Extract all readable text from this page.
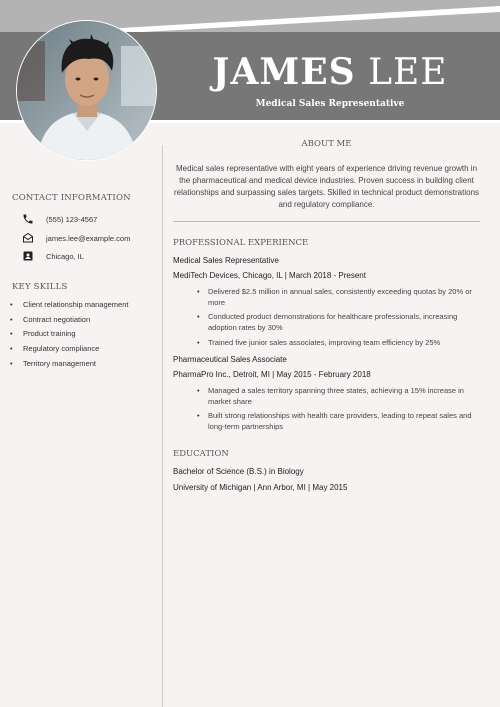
JAMES LEE
Medical Sales Representative
CONTACT INFORMATION
(555) 123-4567
james.lee@example.com
Chicago, IL
KEY SKILLS
• Client relationship management
• Contract negotiation
• Product training
• Regulatory compliance
• Territory management
ABOUT ME
Medical sales representative with eight years of experience driving revenue growth in the pharmaceutical and medical device industries. Proven success in building client relationships and surpassing sales targets. Skilled in technical product demonstrations and regulatory compliance.
PROFESSIONAL EXPERIENCE
Medical Sales Representative
MediTech Devices, Chicago, IL | March 2018 - Present
• Delivered $2.5 million in annual sales, consistently exceeding quotas by 20% or more
• Conducted product demonstrations for healthcare professionals, increasing adoption rates by 30%
• Trained five junior sales associates, improving team efficiency by 25%
Pharmaceutical Sales Associate
PharmaPro Inc., Detroit, MI | May 2015 - February 2018
• Managed a sales territory spanning three states, achieving a 15% increase in market share
• Built strong relationships with health care providers, leading to repeat sales and long-term partnerships
EDUCATION
Bachelor of Science (B.S.) in Biology
University of Michigan | Ann Arbor, MI | May 2015
